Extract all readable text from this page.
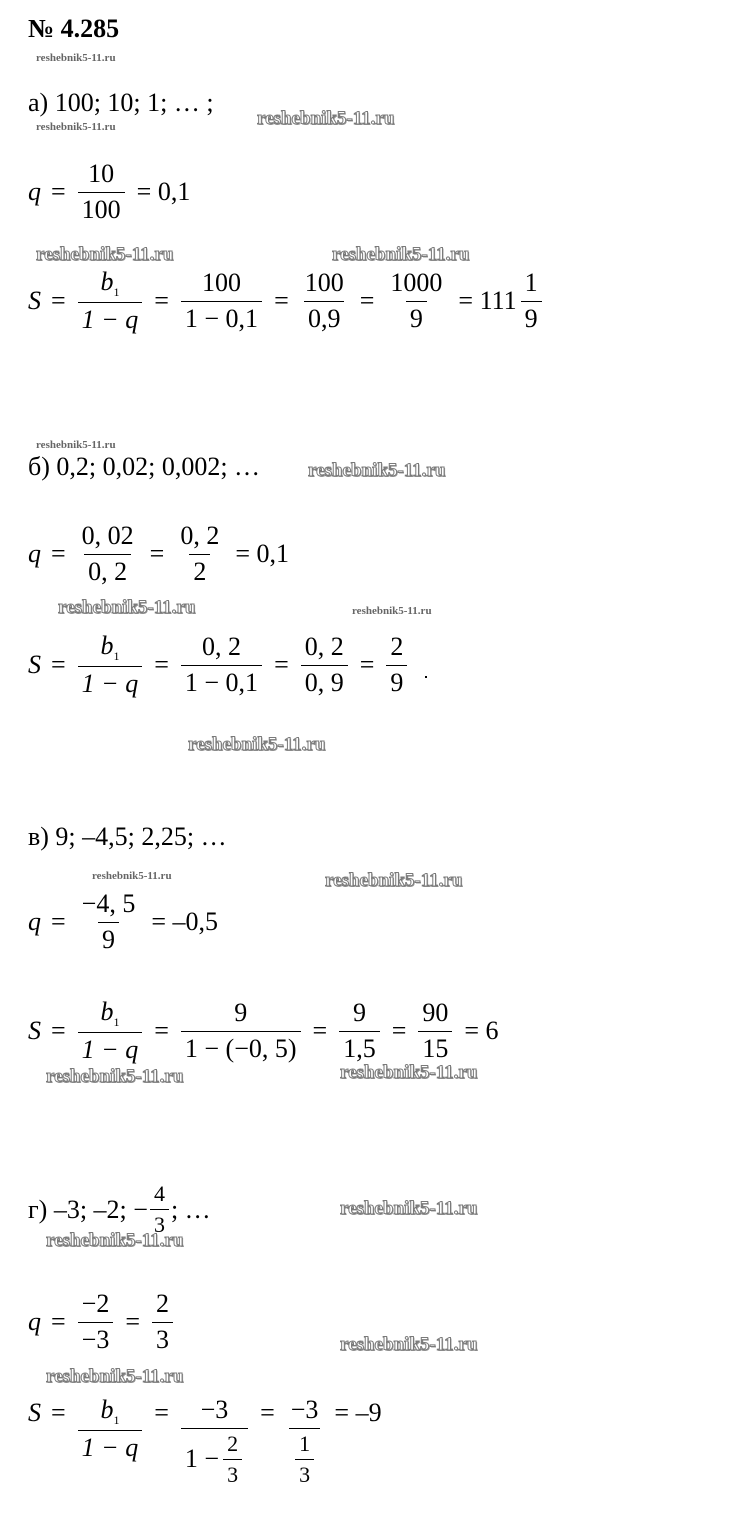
№ 4.285
reshebnik5-11.ru
reshebnik5-11.ru	reshebnik5-11.ru
reshebnik5-11.ru	reshebnik5-11.ru
reshebnik5-11.ru
reshebnik5-11.ru
reshebnik5-11.ru	reshebnik5-11.ru
reshebnik5-11.ru
reshebnik5-11.ru	reshebnik5-11.ru
reshebnik5-11.ru	reshebnik5-11.ru
reshebnik5-11.ru
reshebnik5-11.ru
reshebnik5-11.ru
reshebnik5-11.ru
а) 100; 10; 1; … ;
$q = \frac{10}{100} = 0,1$
$S = \frac{b_1}{1 - q} = \frac{100}{1 - 0,1} = \frac{100}{0,9} = \frac{1000}{9} = 111 \frac{1}{9}$
б) 0,2; 0,02; 0,002; …
$q = \frac{0, 02}{0, 2} = \frac{0, 2}{2} = 0,1$
$S = \frac{b_1}{1 - q} = \frac{0, 2}{1 - 0,1} = \frac{0, 2}{0, 9} = \frac{2}{9}$
в) 9; –4,5; 2,25; …
$q = \frac{-4, 5}{9} = -0,5$
$S = \frac{b_1}{1 - q} = \frac{9}{1 - (-0, 5)} = \frac{9}{1,5} = \frac{90}{15} = 6$
г) –3; –2; − $\frac{4}{3}$ ; …
$q = \frac{-2}{-3} = \frac{2}{3}$
$S = \frac{b_1}{1 - q} = \frac{-3}{1 - \frac{2}{3}} = \frac{-3}{\frac{1}{3}} = -9$
